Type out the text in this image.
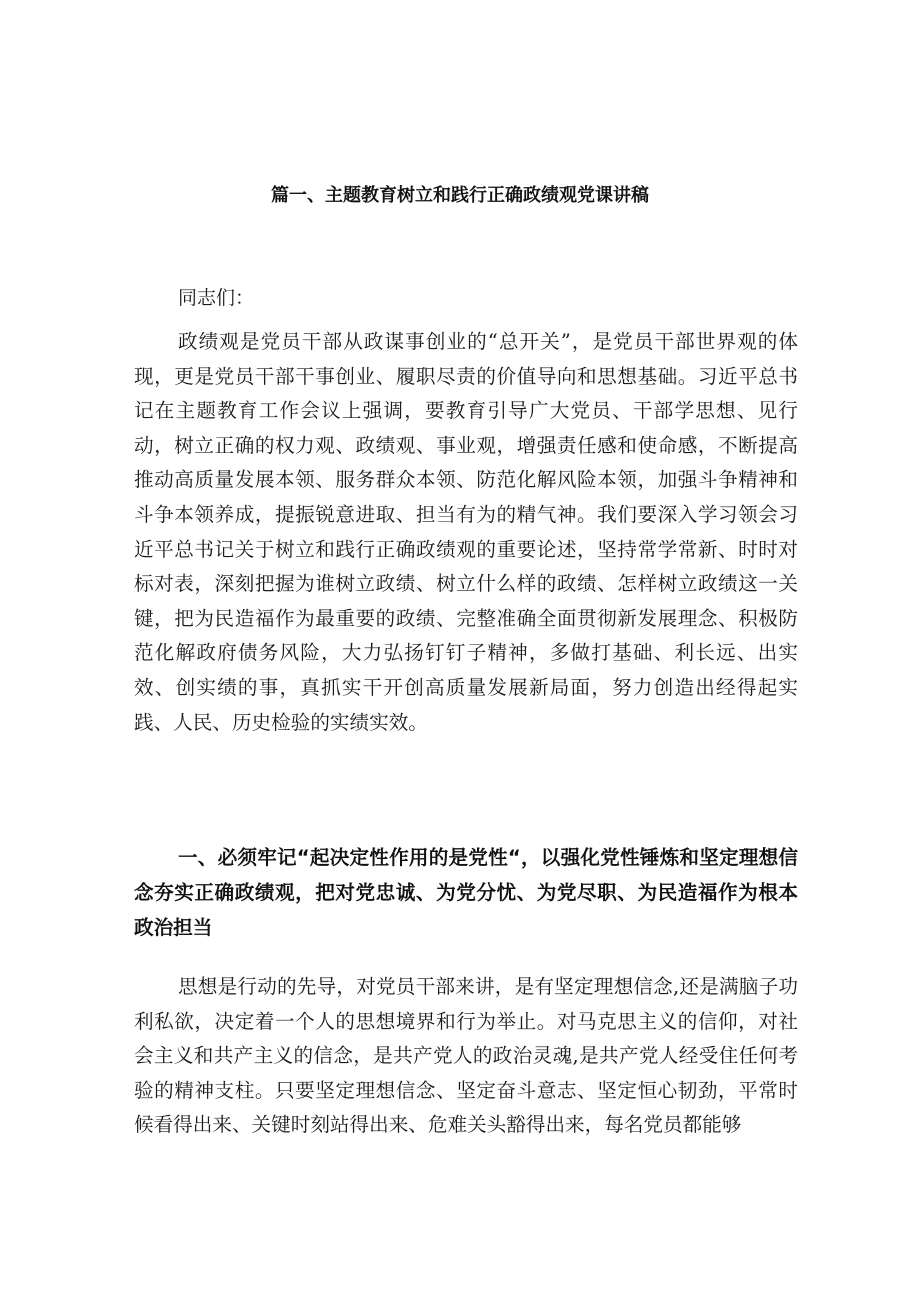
篇一、主题教育树立和践行正确政绩观党课讲稿
同志们：
政绩观是党员干部从政谋事创业的“总开关”，是党员干部世界观的体现，更是党员干部干事创业、履职尽责的价值导向和思想基础。习近平总书记在主题教育工作会议上强调，要教育引导广大党员、干部学思想、见行动，树立正确的权力观、政绩观、事业观，增强责任感和使命感，不断提高推动高质量发展本领、服务群众本领、防范化解风险本领，加强斗争精神和斗争本领养成，提振锐意进取、担当有为的精气神。我们要深入学习领会习近平总书记关于树立和践行正确政绩观的重要论述，坚持常学常新、时时对标对表，深刻把握为谁树立政绩、树立什么样的政绩、怎样树立政绩这一关键，把为民造福作为最重要的政绩、完整准确全面贯彻新发展理念、积极防范化解政府债务风险，大力弘扬钉钉子精神，多做打基础、利长远、出实效、创实绩的事，真抓实干开创高质量发展新局面，努力创造出经得起实践、人民、历史检验的实绩实效。
一、必须牢记“起决定性作用的是党性“，以强化党性锤炼和坚定理想信念夯实正确政绩观，把对党忠诚、为党分忧、为党尽职、为民造福作为根本政治担当
思想是行动的先导，对党员干部来讲，是有坚定理想信念,还是满脑子功利私欲，决定着一个人的思想境界和行为举止。对马克思主义的信仰，对社会主义和共产主义的信念，是共产党人的政治灵魂,是共产党人经受住任何考验的精神支柱。只要坚定理想信念、坚定奋斗意志、坚定恒心韧劲，平常时候看得出来、关键时刻站得出来、危难关头豁得出来，每名党员都能够
